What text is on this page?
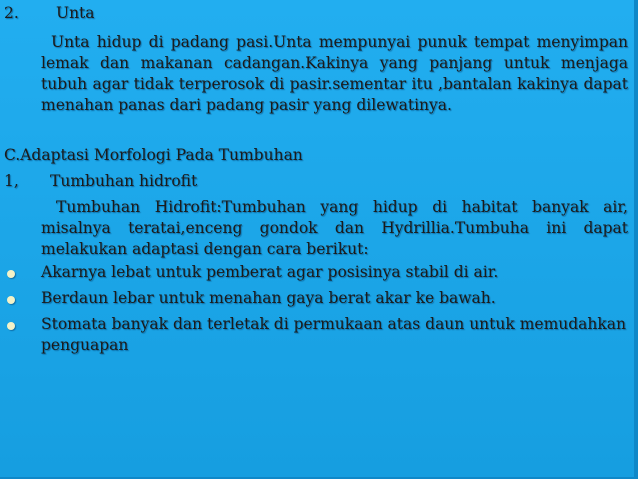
2. Unta

Unta hidup di padang pasi.Unta mempunyai punuk tempat menyimpan lemak dan makanan cadangan.Kakinya yang panjang untuk menjaga tubuh agar tidak terperosok di pasir.sementar itu ,bantalan kakinya dapat menahan panas dari padang pasir yang dilewatinya.

C.Adaptasi Morfologi Pada Tumbuhan
1, Tumbuhan hidrofit

Tumbuhan Hidrofit:Tumbuhan yang hidup di habitat banyak air, misalnya teratai,enceng gondok dan Hydrillia.Tumbuha ini dapat melakukan adaptasi dengan cara berikut:

Akarnya lebat untuk pemberat agar posisinya stabil di air.
Berdaun lebar untuk menahan gaya berat akar ke bawah.

Stomata banyak dan terletak di permukaan atas daun untuk memudahkan penguapan
